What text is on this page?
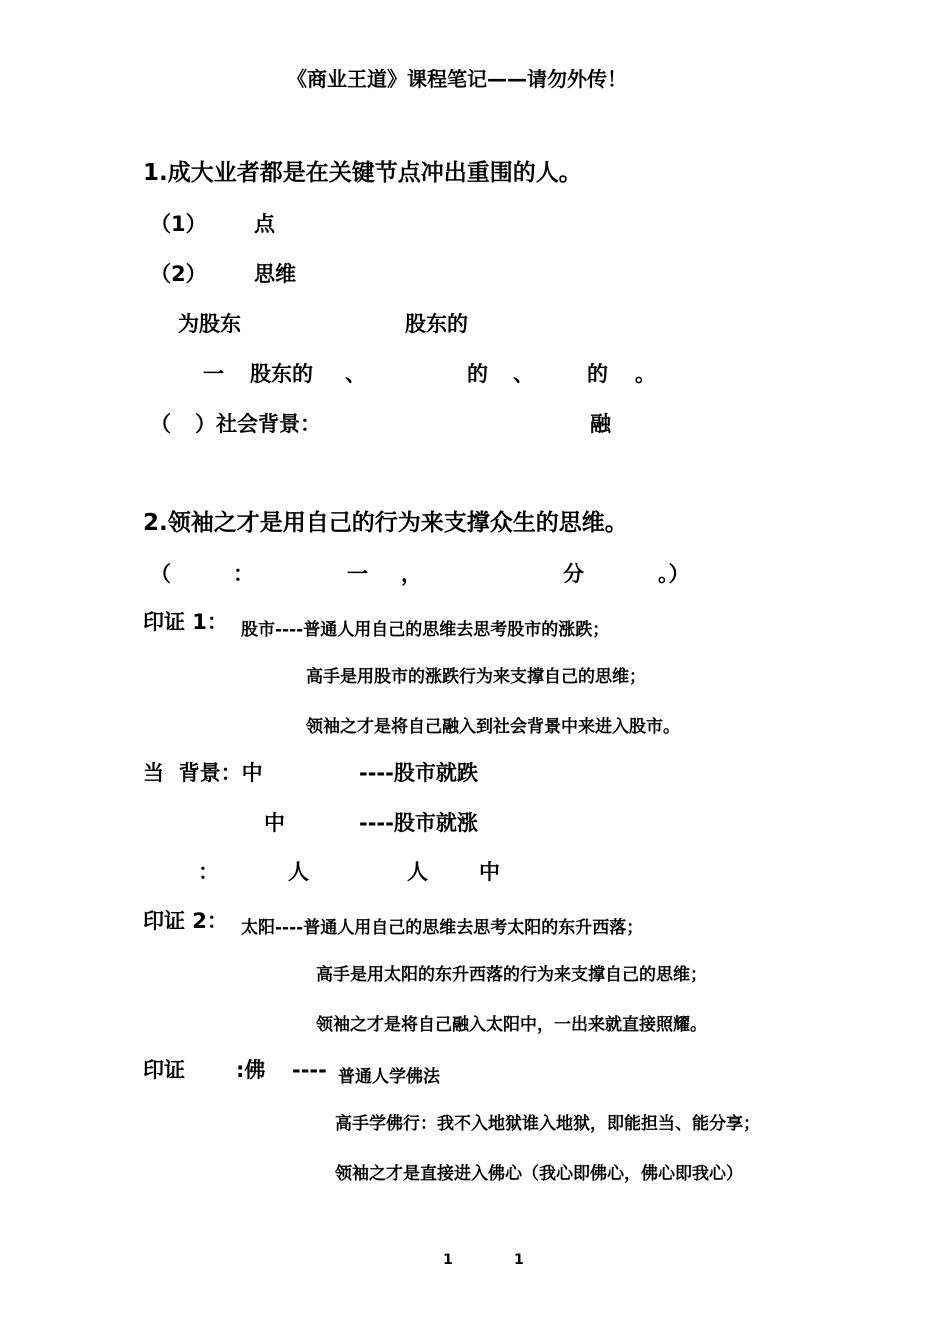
《商业王道》课程笔记——请勿外传！
1.成大业者都是在关键节点冲出重围的人。
（1） 点
（2） 思维
为股东	股东的
一 股东的 、	的 、	的 。
（ ）社会背景：	融
2.领袖之才是用自己的行为来支撑众生的思维。
（	：	一 ，	分	。）
印证 1： 股市----普通人用自己的思维去思考股市的涨跌；
高手是用股市的涨跌行为来支撑自己的思维；
领袖之才是将自己融入到社会背景中来进入股市。
当  背景：中	----股市就跌
中	----股市就涨
：	人	人 中
印证 2： 太阳----普通人用自己的思维去思考太阳的东升西落；
高手是用太阳的东升西落的行为来支撑自己的思维；
领袖之才是将自己融入太阳中，一出来就直接照耀。
印证 :佛 ---- 普通人学佛法
高手学佛行：我不入地狱谁入地狱，即能担当、能分享；
领袖之才是直接进入佛心（我心即佛心，佛心即我心）
1	1
